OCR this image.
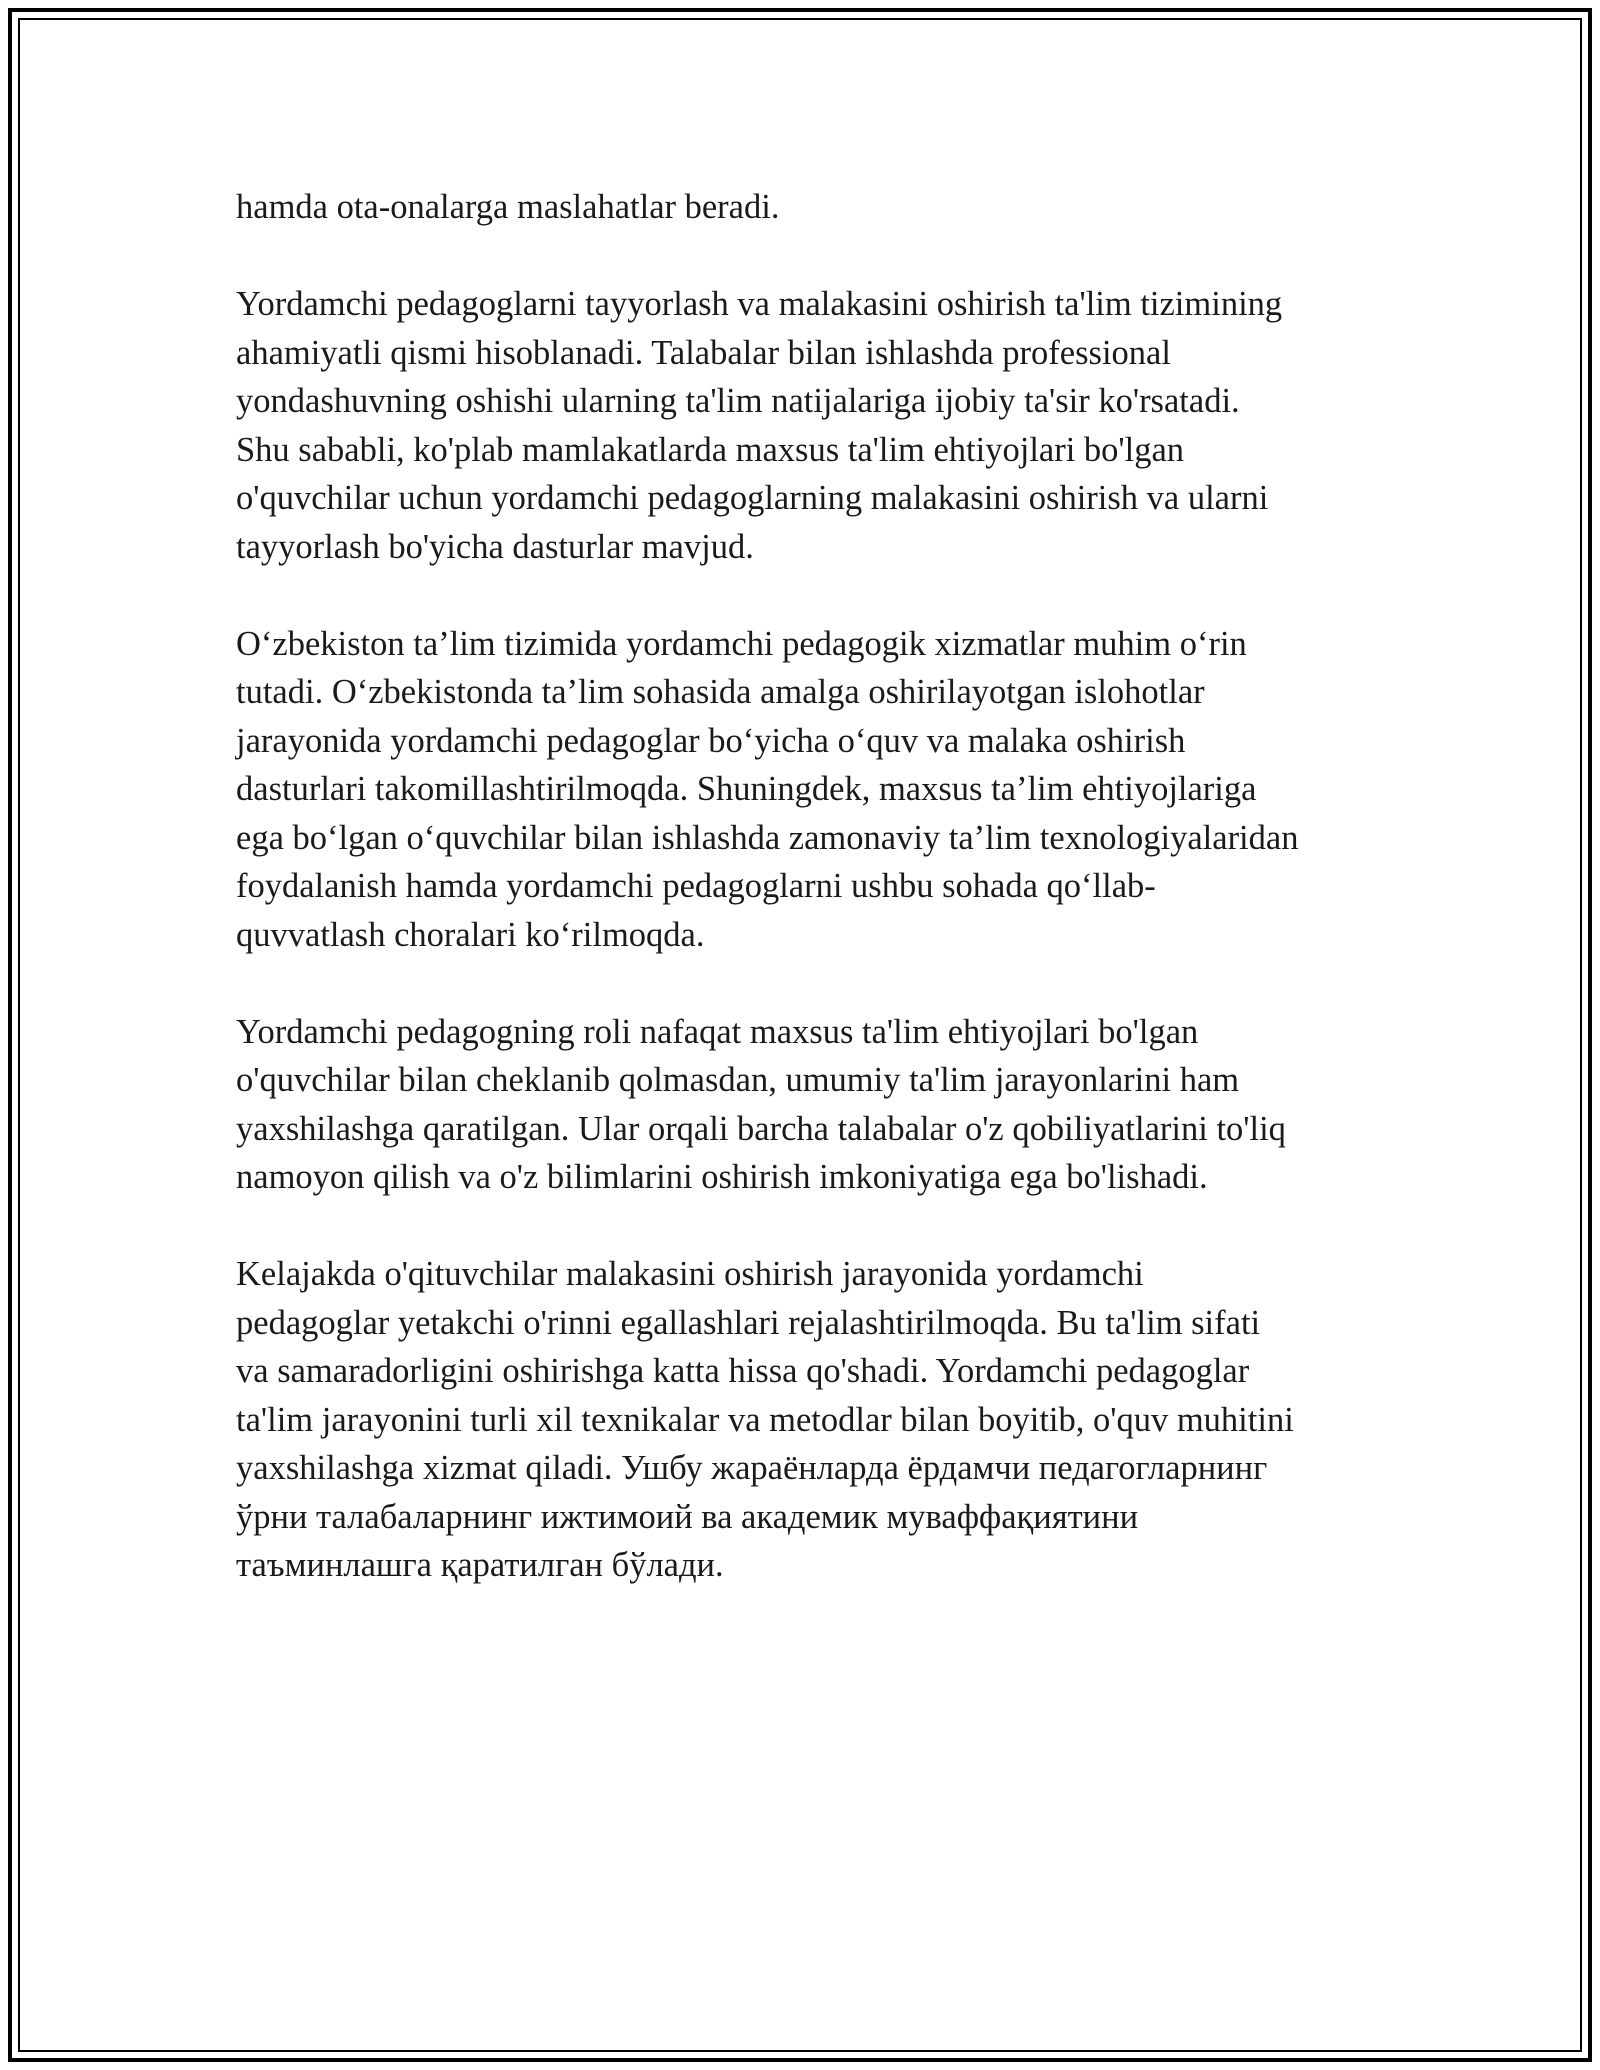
hamda ota-onalarga maslahatlar beradi.

Yordamchi pedagoglarni tayyorlash va malakasini oshirish ta'lim tizimining
ahamiyatli qismi hisoblanadi. Talabalar bilan ishlashda professional
yondashuvning oshishi ularning ta'lim natijalariga ijobiy ta'sir ko'rsatadi.
Shu sababli, ko'plab mamlakatlarda maxsus ta'lim ehtiyojlari bo'lgan
o'quvchilar uchun yordamchi pedagoglarning malakasini oshirish va ularni
tayyorlash bo'yicha dasturlar mavjud.

O‘zbekiston ta’lim tizimida yordamchi pedagogik xizmatlar muhim o‘rin
tutadi. O‘zbekistonda ta’lim sohasida amalga oshirilayotgan islohotlar
jarayonida yordamchi pedagoglar bo‘yicha o‘quv va malaka oshirish
dasturlari takomillashtirilmoqda. Shuningdek, maxsus ta’lim ehtiyojlariga
ega bo‘lgan o‘quvchilar bilan ishlashda zamonaviy ta’lim texnologiyalaridan
foydalanish hamda yordamchi pedagoglarni ushbu sohada qo‘llab-
quvvatlash choralari ko‘rilmoqda.

Yordamchi pedagogning roli nafaqat maxsus ta'lim ehtiyojlari bo'lgan
o'quvchilar bilan cheklanib qolmasdan, umumiy ta'lim jarayonlarini ham
yaxshilashga qaratilgan. Ular orqali barcha talabalar o'z qobiliyatlarini to'liq
namoyon qilish va o'z bilimlarini oshirish imkoniyatiga ega bo'lishadi.

Kelajakda o'qituvchilar malakasini oshirish jarayonida yordamchi
pedagoglar yetakchi o'rinni egallashlari rejalashtirilmoqda. Bu ta'lim sifati
va samaradorligini oshirishga katta hissa qo'shadi. Yordamchi pedagoglar
ta'lim jarayonini turli xil texnikalar va metodlar bilan boyitib, o'quv muhitini
yaxshilashga xizmat qiladi. Ушбу жараёнларда ёрдамчи педагогларнинг
ўрни талабаларнинг ижтимоий ва академик муваффақиятини
таъминлашга қаратилган бўлади.
